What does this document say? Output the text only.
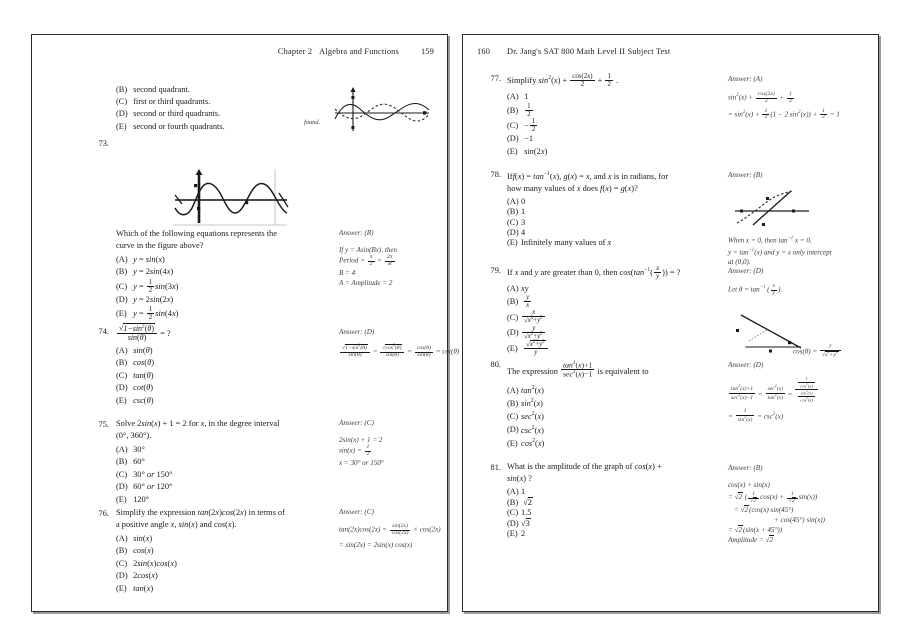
Chapter 2 Algebra and Functions	159
(B) second quadrant.
(C) first or third quadrants.
(D) second or third quadrants.
(E) second or fourth quadrants.	found.
73.
Which of the following equations represents the
curve in the figure above?
(A) y = sin(x)
(B) y = 2sin(4x)
(C) $y = \frac{1}{2} \sin(3x)$
(D) y = 2sin(2x)
(E) $y = \frac{1}{2} \sin(4x)$
Answer: (B)
If y = Asin(Bx), then
Period = $\frac{\pi}{2} = \frac{2\pi}{B}$
B = 4
A = Amplitude = 2
74. $\frac{√1-\sin^2(\theta)}{\sin(\theta)}$ = ?
(A) sin(θ)
(B) cos(θ)
(C) tan(θ)
(D) cot(θ)
(E) csc(θ)
Answer: (D)
$\frac{√1-\sin^2(\theta)}{\sin(\theta)} = \frac{√\cos^2(\theta)}{\sin(\theta)} = \frac{\cos(\theta)}{\sin(\theta)} = \cot(\theta)$
75. Solve 2sin(x) + 1 = 2 for x, in the degree interval
(0°, 360°).
(A) 30°
(B) 60°
(C) 30° or 150°
(D) 60° or 120°
(E) 120°
Answer: (C)
2sin(x) + 1 = 2
$\sin(x) = \frac{1}{2}$
x = 30° or 150°
76. Simplify the expression tan(2x)cos(2x) in terms of
a positive angle x, sin(x) and cos(x).
(A) sin(x)
(B) cos(x)
(C) 2sin(x)cos(x)
(D) 2cos(x)
(E) tan(x)
Answer: (C)
$\tan(2x)\cos(2x) = \frac{\sin(2x)}{\cos(2x)} \times \cos(2x)$
= sin(2x) = 2sin(x) cos(x)
160 Dr. Jang's SAT 800 Math Level II Subject Test
77. Simplify $\sin^2(x) + \frac{\cos(2x)}{2} + \frac{1}{2}$ .
(A) 1
$(B) \frac{1}{2}$
$(C) - \frac{1}{2}$
(D) −1
(E) sin(2x)
Answer: (A)
$\sin^2(x) + \frac{\cos(2x)}{2} + \frac{1}{2}$
= $\sin^2(x) + \frac{1}{2} (1 - 2$ $\sin^2(x)) + \frac{1}{2} = 1$
78. $Iff(x) = \tan^{-1}(x)$, g(x) = x, and x is in radians, for
how many values of x does f(x) = g(x)?
(A) 0
(B) 1
(C) 3
(D) 4
(E) Infinitely many values of x
Answer: (B)
When x = 0, then $\tan^{-1} x = 0$.
$y = \tan^{-1}(x)$ and y = x only intercept
at (0,0).
79. If x and y are greater than 0, then $\cos(\tan^{-1}( \frac{x}{y}$ )) = ?
(A) xy
$(B) \frac{y}{x}$
$(C) \frac{x}{√x^2+y^2}$
$(D) \frac{y}{√x^2+y^2}$
$(E) \frac{√x^2+y^2}{y}$
Answer: (D)
Let $\theta = \tan^{-1}$ ( $\frac{x}{y}$ ).
$\cos(\theta) = \frac{y}{√x^2+y^2}$
80.
The expression $\frac{\tan^2(x)+1}{\sec^2(x)-1}$ is equivalent to
(A) $\tan^2(x)$
(B) $\sin^2(x)$
(C) $\sec^2(x)$
(D) $\csc^2(x)$
(E) $\cos^2(x)$
Answer: (D)
$\frac{\tan^2(x)+1}{\sec^2(x)-1} = \frac{\sec^2(x)}{\tan^2(x)} = \frac{\frac{1}{\cos^2(x)}}{\frac{\sin^2(x)}{\cos^2(x)}}$
= $\frac{1}{\sin^2(x)} = \csc^2(x)$
81. What is the amplitude of the graph of cos(x) +
sin(x) ?
(A) 1
(B) √2
(C) 1.5
(D) √3
(E) 2
Answer: (B)
cos(x) + sin(x)
= √2 ( $\frac{1}{√2} \cos(x) + \frac{1}{√2} \sin(x)$)
= √2(cos(x) sin(45°)
+ cos(45°) sin(x))
= √2(sin(x + 45°))
Amplitude = √2
